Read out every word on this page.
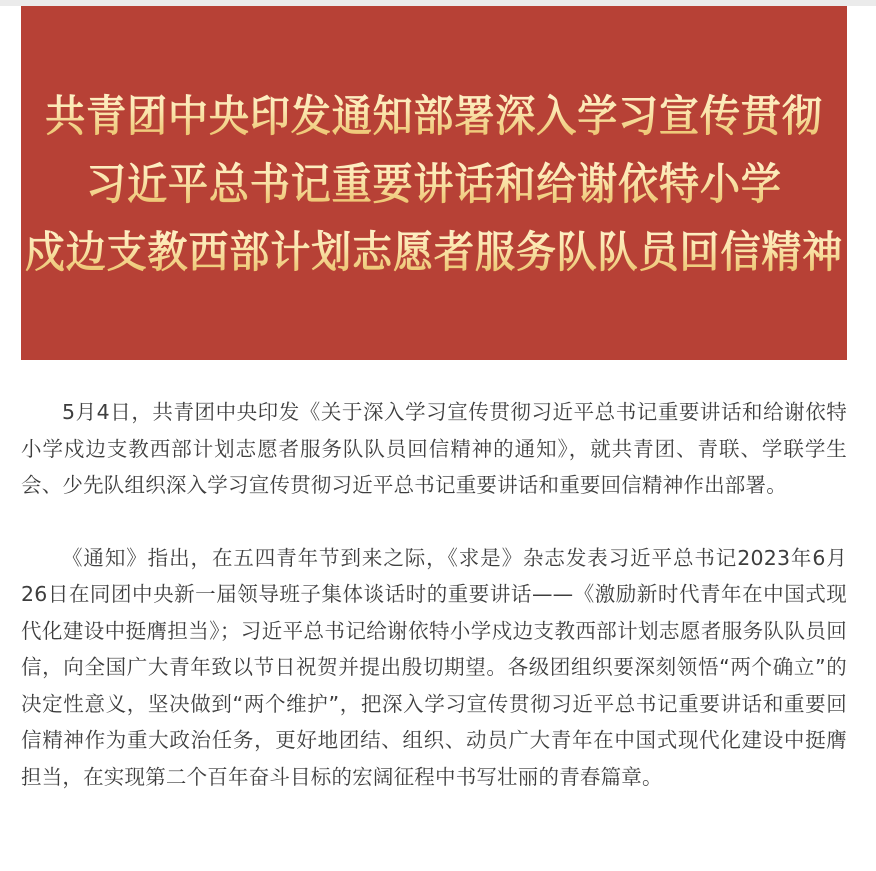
共青团中央印发通知部署深入学习宣传贯彻
习近平总书记重要讲话和给谢依特小学
戍边支教西部计划志愿者服务队队员回信精神

5月4日，共青团中央印发《关于深入学习宣传贯彻习近平总书记重要讲话和给谢依特小学戍边支教西部计划志愿者服务队队员回信精神的通知》，就共青团、青联、学联学生会、少先队组织深入学习宣传贯彻习近平总书记重要讲话和重要回信精神作出部署。

《通知》指出，在五四青年节到来之际，《求是》杂志发表习近平总书记2023年6月26日在同团中央新一届领导班子集体谈话时的重要讲话——《激励新时代青年在中国式现代化建设中挺膺担当》；习近平总书记给谢依特小学戍边支教西部计划志愿者服务队队员回信，向全国广大青年致以节日祝贺并提出殷切期望。各级团组织要深刻领悟“两个确立”的决定性意义，坚决做到“两个维护”，把深入学习宣传贯彻习近平总书记重要讲话和重要回信精神作为重大政治任务，更好地团结、组织、动员广大青年在中国式现代化建设中挺膺担当，在实现第二个百年奋斗目标的宏阔征程中书写壮丽的青春篇章。
